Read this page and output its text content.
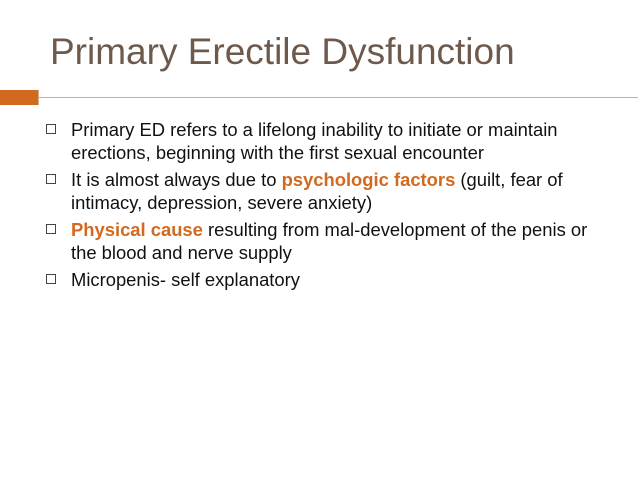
Primary Erectile Dysfunction
Primary ED refers to a lifelong inability to initiate or maintain erections, beginning with the first sexual encounter
It is almost always due to psychologic factors (guilt, fear of intimacy, depression, severe anxiety)
Physical cause resulting from mal-development of the penis or the blood and nerve supply
Micropenis- self explanatory
